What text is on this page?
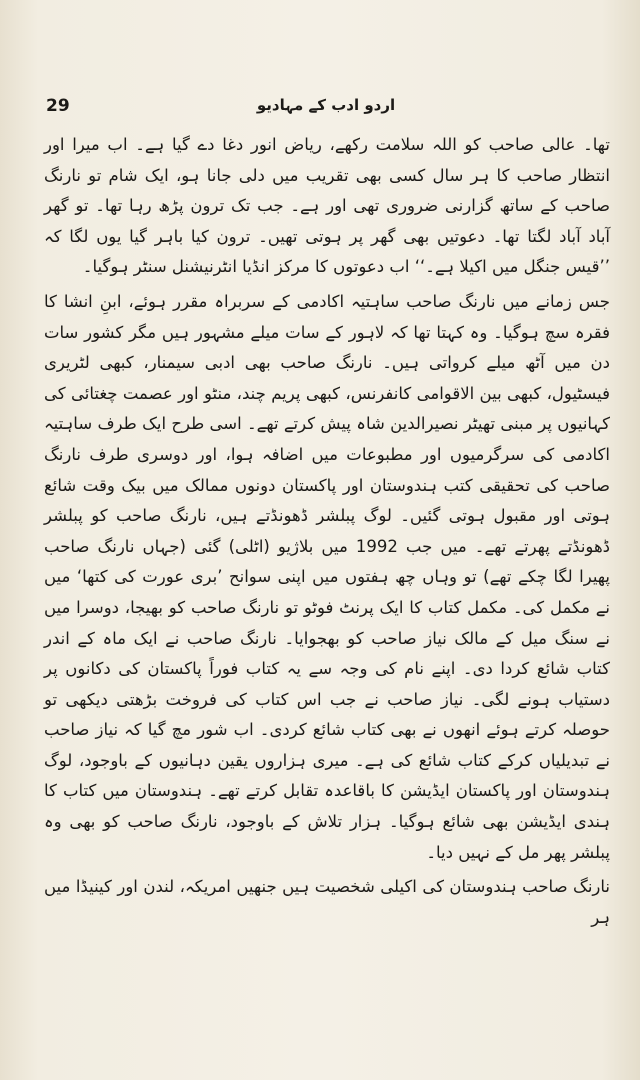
29	اردو ادب کے مہادیو

تھا۔ عالی صاحب کو اللہ سلامت رکھے، ریاض انور دغا دے گیا ہے۔ اب میرا اور انتظار صاحب کا ہر سال کسی بھی تقریب میں دلی جانا ہو، ایک شام تو نارنگ صاحب کے ساتھ گزارنی ضروری تھی اور ہے۔ جب تک ترون پڑھ رہا تھا۔ تو گھر آباد آباد لگتا تھا۔ دعوتیں بھی گھر پر ہوتی تھیں۔ ترون کیا باہر گیا یوں لگا کہ ’’قیس جنگل میں اکیلا ہے۔‘‘ اب دعوتوں کا مرکز انڈیا انٹرنیشنل سنٹر ہوگیا۔

جس زمانے میں نارنگ صاحب ساہتیہ اکادمی کے سربراہ مقرر ہوئے، ابنِ انشا کا فقرہ سچ ہوگیا۔ وہ کہتا تھا کہ لاہور کے سات میلے مشہور ہیں مگر کشور سات دن میں آٹھ میلے کرواتی ہیں۔ نارنگ صاحب بھی ادبی سیمنار، کبھی لٹریری فیسٹیول، کبھی بین الاقوامی کانفرنس، کبھی پریم چند، منٹو اور عصمت چغتائی کی کہانیوں پر مبنی تھیٹر نصیرالدین شاہ پیش کرتے تھے۔ اسی طرح ایک طرف ساہتیہ اکادمی کی سرگرمیوں اور مطبوعات میں اضافہ ہوا، اور دوسری طرف نارنگ صاحب کی تحقیقی کتب ہندوستان اور پاکستان دونوں ممالک میں بیک وقت شائع ہوتی اور مقبول ہوتی گئیں۔ لوگ پبلشر ڈھونڈتے ہیں، نارنگ صاحب کو پبلشر ڈھونڈتے پھرتے تھے۔ میں جب 1992 میں بلاژیو (اٹلی) گئی (جہاں نارنگ صاحب پھیرا لگا چکے تھے) تو وہاں چھ ہفتوں میں اپنی سوانح ’بری عورت کی کتھا‘ میں نے مکمل کی۔ مکمل کتاب کا ایک پرنٹ فوٹو تو نارنگ صاحب کو بھیجا، دوسرا میں نے سنگ میل کے مالک نیاز صاحب کو بھجوایا۔ نارنگ صاحب نے ایک ماہ کے اندر کتاب شائع کردا دی۔ اپنے نام کی وجہ سے یہ کتاب فوراً پاکستان کی دکانوں پر دستیاب ہونے لگی۔ نیاز صاحب نے جب اس کتاب کی فروخت بڑھتی دیکھی تو حوصلہ کرتے ہوئے انھوں نے بھی کتاب شائع کردی۔ اب شور مچ گیا کہ نیاز صاحب نے تبدیلیاں کرکے کتاب شائع کی ہے۔ میری ہزاروں یقین دہانیوں کے باوجود، لوگ ہندوستان اور پاکستان ایڈیشن کا باقاعدہ تقابل کرتے تھے۔ ہندوستان میں کتاب کا ہندی ایڈیشن بھی شائع ہوگیا۔ ہزار تلاش کے باوجود، نارنگ صاحب کو بھی وہ پبلشر پھر مل کے نہیں دیا۔

نارنگ صاحب ہندوستان کی اکیلی شخصیت ہیں جنھیں امریکہ، لندن اور کینیڈا میں ہر
